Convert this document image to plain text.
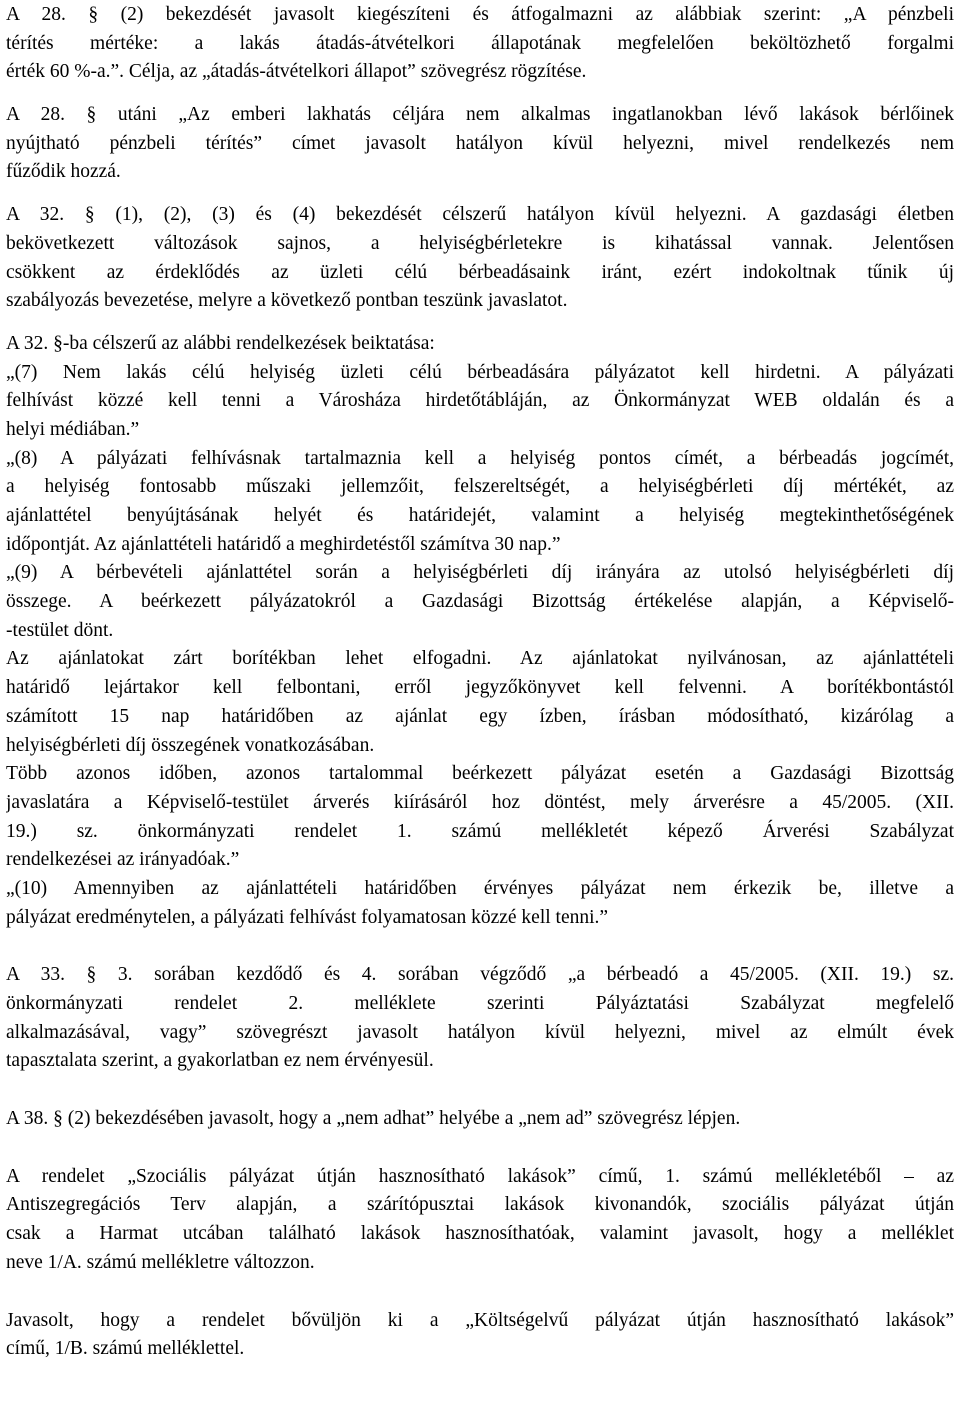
A 28. § (2) bekezdését javasolt kiegészíteni és átfogalmazni az alábbiak szerint: „A pénzbeli
térítés mértéke: a lakás átadás-átvételkori állapotának megfelelően beköltözhető forgalmi
érték 60 %-a.”. Célja, az „átadás-átvételkori állapot” szövegrész rögzítése.
A 28. § utáni „Az emberi lakhatás céljára nem alkalmas ingatlanokban lévő lakások bérlőinek
nyújtható pénzbeli térítés” címet javasolt hatályon kívül helyezni, mivel rendelkezés nem
fűződik hozzá.
A 32. § (1), (2), (3) és (4) bekezdését célszerű hatályon kívül helyezni. A gazdasági életben
bekövetkezett változások sajnos, a helyiségbérletekre is kihatással vannak. Jelentősen
csökkent az érdeklődés az üzleti célú bérbeadásaink iránt, ezért indokoltnak tűnik új
szabályozás bevezetése, melyre a következő pontban teszünk javaslatot.
A 32. §-ba célszerű az alábbi rendelkezések beiktatása:
„(7) Nem lakás célú helyiség üzleti célú bérbeadására pályázatot kell hirdetni. A pályázati
felhívást közzé kell tenni a Városháza hirdetőtábláján, az Önkormányzat WEB oldalán és a
helyi médiában.”
„(8) A pályázati felhívásnak tartalmaznia kell a helyiség pontos címét, a bérbeadás jogcímét,
a helyiség fontosabb műszaki jellemzőit, felszereltségét, a helyiségbérleti díj mértékét, az
ajánlattétel benyújtásának helyét és határidejét, valamint a helyiség megtekinthetőségének
időpontját. Az ajánlattételi határidő a meghirdetéstől számítva 30 nap.”
„(9) A bérbevételi ajánlattétel során a helyiségbérleti díj irányára az utolsó helyiségbérleti díj
összege. A beérkezett pályázatokról a Gazdasági Bizottság értékelése alapján, a Képviselő-
-testület dönt.
Az ajánlatokat zárt borítékban lehet elfogadni. Az ajánlatokat nyilvánosan, az ajánlattételi
határidő lejártakor kell felbontani, erről jegyzőkönyvet kell felvenni. A borítékbontástól
számított 15 nap határidőben az ajánlat egy ízben, írásban módosítható, kizárólag a
helyiségbérleti díj összegének vonatkozásában.
Több azonos időben, azonos tartalommal beérkezett pályázat esetén a Gazdasági Bizottság
javaslatára a Képviselő-testület árverés kiírásáról hoz döntést, mely árverésre a 45/2005. (XII.
19.) sz. önkormányzati rendelet 1. számú mellékletét képező Árverési Szabályzat
rendelkezései az irányadóak.”
„(10) Amennyiben az ajánlattételi határidőben érvényes pályázat nem érkezik be, illetve a
pályázat eredménytelen, a pályázati felhívást folyamatosan közzé kell tenni.”
A 33. § 3. sorában kezdődő és 4. sorában végződő „a bérbeadó a 45/2005. (XII. 19.) sz.
önkormányzati rendelet 2. melléklete szerinti Pályáztatási Szabályzat megfelelő
alkalmazásával, vagy” szövegrészt javasolt hatályon kívül helyezni, mivel az elmúlt évek
tapasztalata szerint, a gyakorlatban ez nem érvényesül.
A 38. § (2) bekezdésében javasolt, hogy a „nem adhat” helyébe a „nem ad” szövegrész lépjen.
A rendelet „Szociális pályázat útján hasznosítható lakások” című, 1. számú mellékletéből – az
Antiszegregációs Terv alapján, a szárítópusztai lakások kivonandók, szociális pályázat útján
csak a Harmat utcában található lakások hasznosíthatóak, valamint javasolt, hogy a melléklet
neve 1/A. számú mellékletre változzon.
Javasolt, hogy a rendelet bővüljön ki a „Költségelvű pályázat útján hasznosítható lakások”
című, 1/B. számú melléklettel.
